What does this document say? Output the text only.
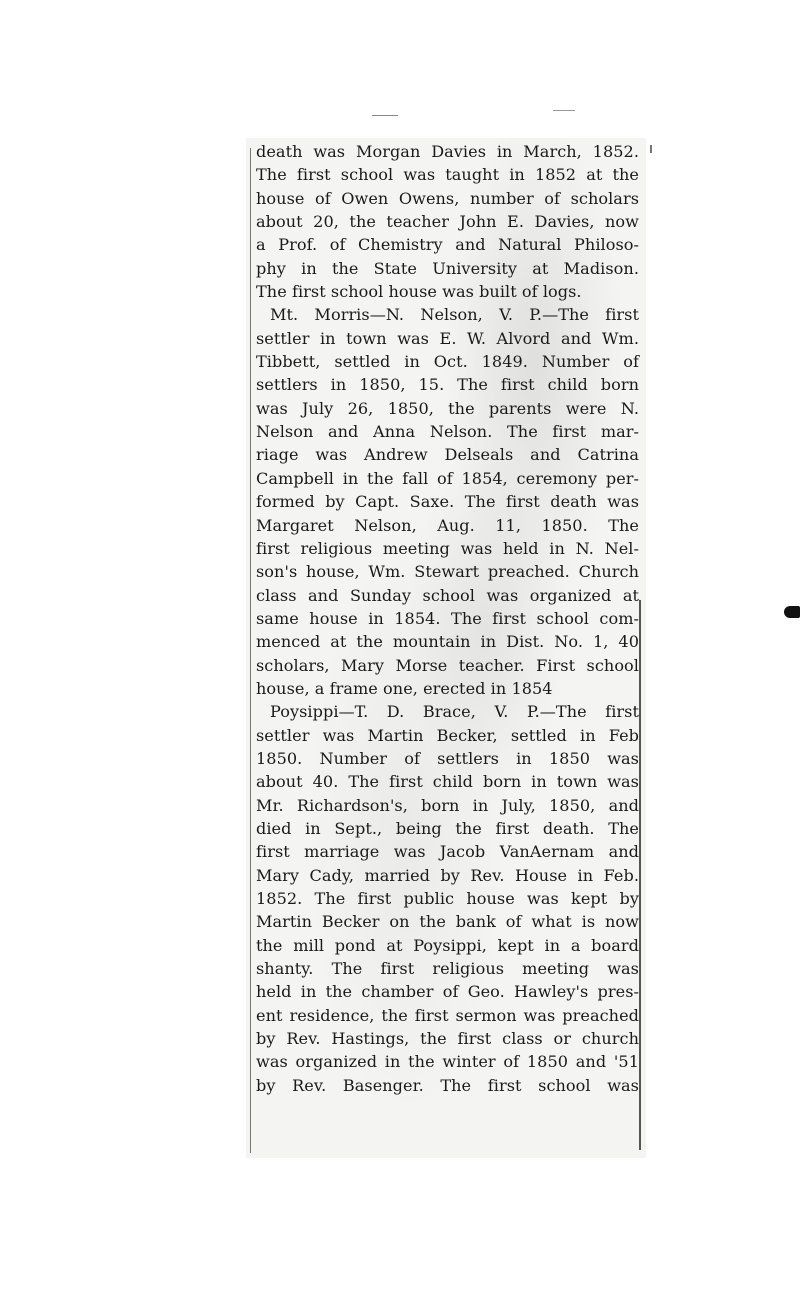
death was Morgan Davies in March, 1852.
The first school was taught in 1852 at the
house of Owen Owens, number of scholars
about 20, the teacher John E. Davies, now
a Prof. of Chemistry and Natural Philoso-
phy in the State University at Madison.
The first school house was built of logs.

Mt. Morris—N. Nelson, V. P.—The first
settler in town was E. W. Alvord and Wm.
Tibbett, settled in Oct. 1849. Number of
settlers in 1850, 15. The first child born
was July 26, 1850, the parents were N.
Nelson and Anna Nelson. The first mar-
riage was Andrew Delseals and Catrina
Campbell in the fall of 1854, ceremony per-
formed by Capt. Saxe. The first death was
Margaret Nelson, Aug. 11, 1850. The
first religious meeting was held in N. Nel-
son's house, Wm. Stewart preached. Church
class and Sunday school was organized at
same house in 1854. The first school com-
menced at the mountain in Dist. No. 1, 40
scholars, Mary Morse teacher. First school
house, a frame one, erected in 1854

Poysippi—T. D. Brace, V. P.—The first
settler was Martin Becker, settled in Feb
1850. Number of settlers in 1850 was
about 40. The first child born in town was
Mr. Richardson's, born in July, 1850, and
died in Sept., being the first death. The
first marriage was Jacob VanAernam and
Mary Cady, married by Rev. House in Feb.
1852. The first public house was kept by
Martin Becker on the bank of what is now
the mill pond at Poysippi, kept in a board
shanty. The first religious meeting was
held in the chamber of Geo. Hawley's pres-
ent residence, the first sermon was preached
by Rev. Hastings, the first class or church
was organized in the winter of 1850 and '51
by Rev. Basenger. The first school was
